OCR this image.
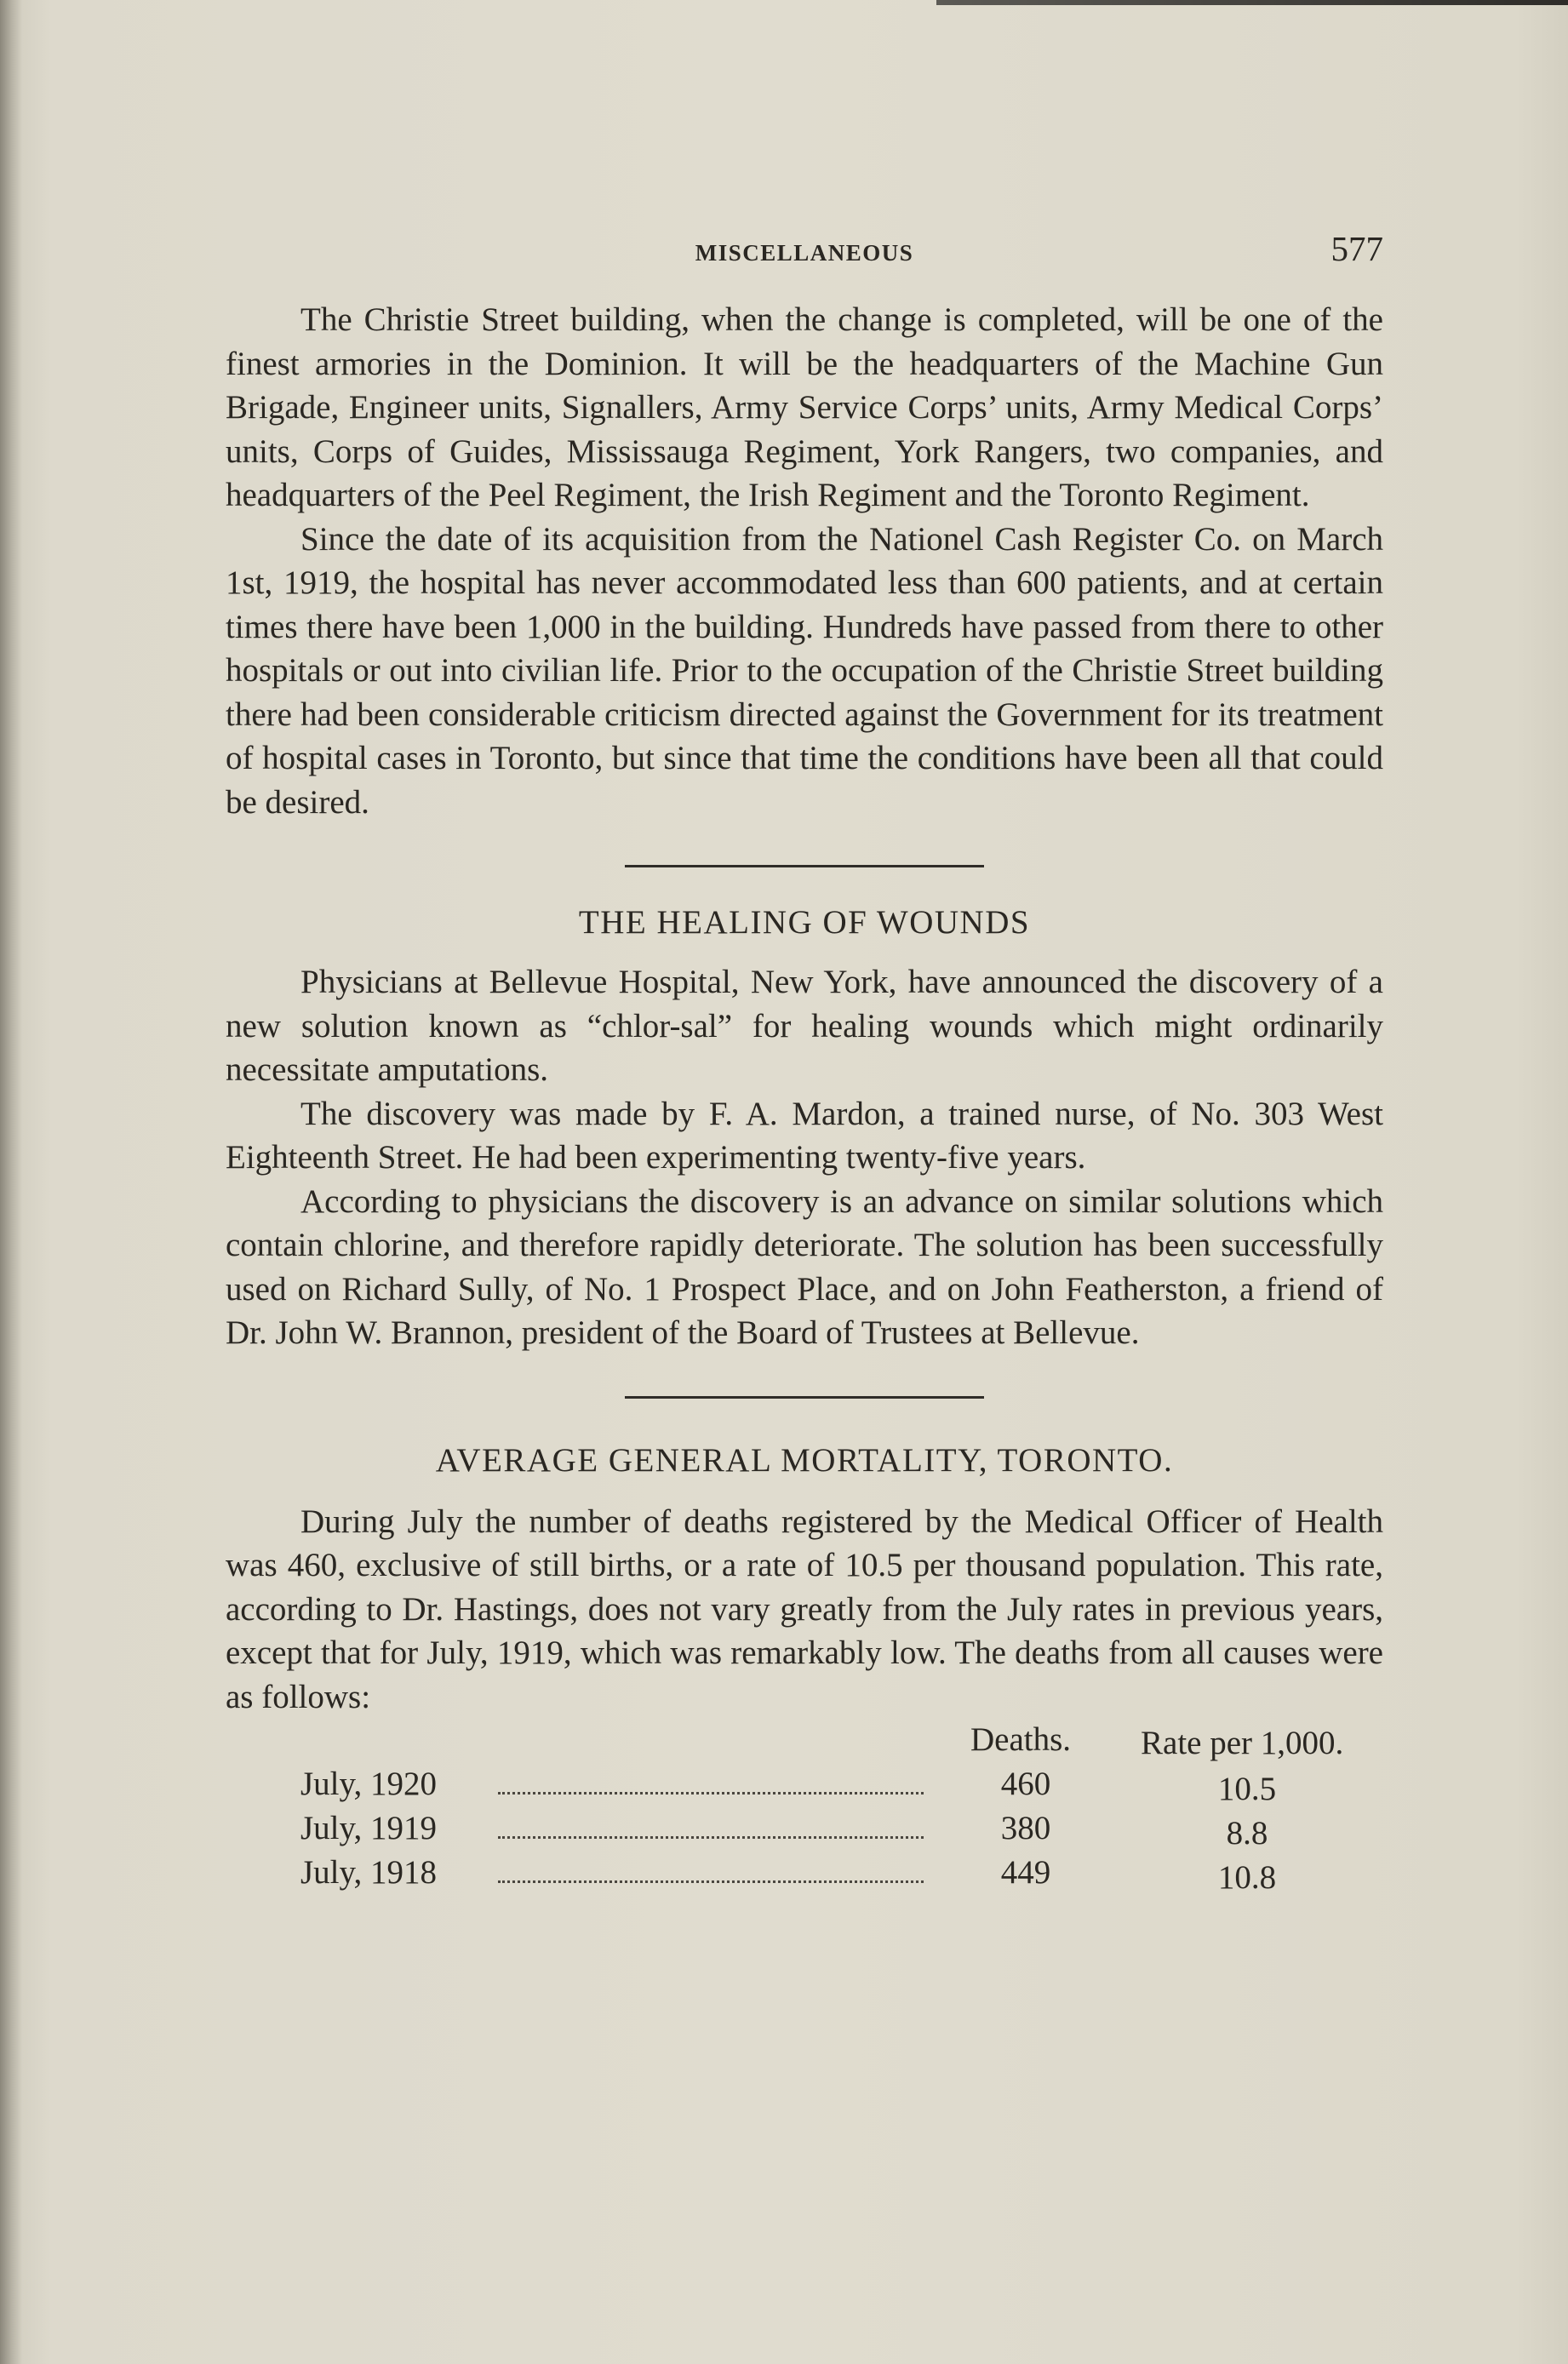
MISCELLANEOUS	577

The Christie Street building, when the change is completed, will be one of the finest armories in the Dominion. It will be the headquarters of the Machine Gun Brigade, Engineer units, Signallers, Army Service Corps’ units, Army Medical Corps’ units, Corps of Guides, Mississauga Regiment, York Rangers, two companies, and headquarters of the Peel Regiment, the Irish Regiment and the Toronto Regiment.

Since the date of its acquisition from the Nationel Cash Register Co. on March 1st, 1919, the hospital has never accommodated less than 600 patients, and at certain times there have been 1,000 in the building. Hundreds have passed from there to other hospitals or out into civilian life. Prior to the occupation of the Christie Street building there had been considerable criticism directed against the Government for its treatment of hospital cases in Toronto, but since that time the conditions have been all that could be desired.

THE HEALING OF WOUNDS

Physicians at Bellevue Hospital, New York, have announced the discovery of a new solution known as “chlor-sal” for healing wounds which might ordinarily necessitate amputations.

The discovery was made by F. A. Mardon, a trained nurse, of No. 303 West Eighteenth Street. He had been experimenting twenty-five years.

According to physicians the discovery is an advance on similar solutions which contain chlorine, and therefore rapidly deteriorate. The solution has been successfully used on Richard Sully, of No. 1 Prospect Place, and on John Featherston, a friend of Dr. John W. Brannon, president of the Board of Trustees at Bellevue.

AVERAGE GENERAL MORTALITY, TORONTO.

During July the number of deaths registered by the Medical Officer of Health was 460, exclusive of still births, or a rate of 10.5 per thousand population. This rate, according to Dr. Hastings, does not vary greatly from the July rates in previous years, except that for July, 1919, which was remarkably low. The deaths from all causes were as follows:

Deaths. Rate per 1,000.
July, 1920	460	10.5
July, 1919	380	8.8
July, 1918	449	10.8
